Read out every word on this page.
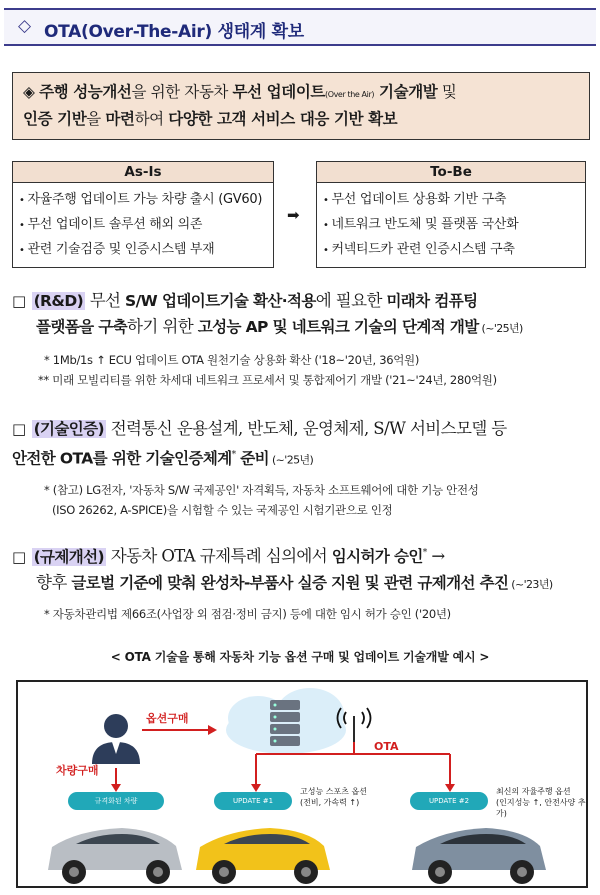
◇ OTA(Over-The-Air) 생태계 확보
◈ 주행 성능개선을 위한 자동차 무선 업데이트$^{(Over the Air)}$ 기술개발 및
인증 기반을 마련하여 다양한 고객 서비스 대응 기반 확보
As-Is
• 자율주행 업데이트 가능 차량 출시 (GV60)
• 무선 업데이트 솔루션 해외 의존
• 관련 기술검증 및 인증시스템 부재
➡
To-Be
• 무선 업데이트 상용화 기반 구축
• 네트워크 반도체 및 플랫폼 국산화
• 커넥티드카 관련 인증시스템 구축
□ (R&D) 무선 S/W 업데이트기술 확산·적용에 필요한 미래차 컴퓨팅
플랫폼을 구축하기 위한 고성능 AP 및 네트워크 기술의 단계적 개발 (~'25년)
* 1Mb/1s ↑ ECU 업데이트 OTA 원천기술 상용화 확산 ('18~'20년, 36억원)
** 미래 모빌리티를 위한 차세대 네트워크 프로세서 및 통합제어기 개발 ('21~'24년, 280억원)
□ (기술인증) 전력통신 운용설계, 반도체, 운영체제, S/W 서비스모델 등
안전한 OTA를 위한 기술인증체계* 준비 (~'25년)
* (참고) LG전자, '자동차 S/W 국제공인' 자격획득, 자동차 소프트웨어에 대한 기능 안전성
(ISO 26262, A-SPICE)을 시험할 수 있는 국제공인 시험기관으로 인정
□ (규제개선) 자동차 OTA 규제특례 심의에서 임시허가 승인* →
향후 글로벌 기준에 맞춰 완성차-부품사 실증 지원 및 관련 규제개선 추진 (~'23년)
* 자동차관리법 제66조(사업장 외 점검·정비 금지) 등에 대한 임시 허가 승인 ('20년)
< OTA 기술을 통해 자동차 기능 옵션 구매 및 업데이트 기술개발 예시 >
옵션구매
차량구매
OTA
규격화된 차량	UPDATE #1	UPDATE #2
고성능 스포츠 옵션
(전비, 가속력 ↑)
최신의 자율주행 옵션
(인지성능 ↑, 안전사양 추가)
